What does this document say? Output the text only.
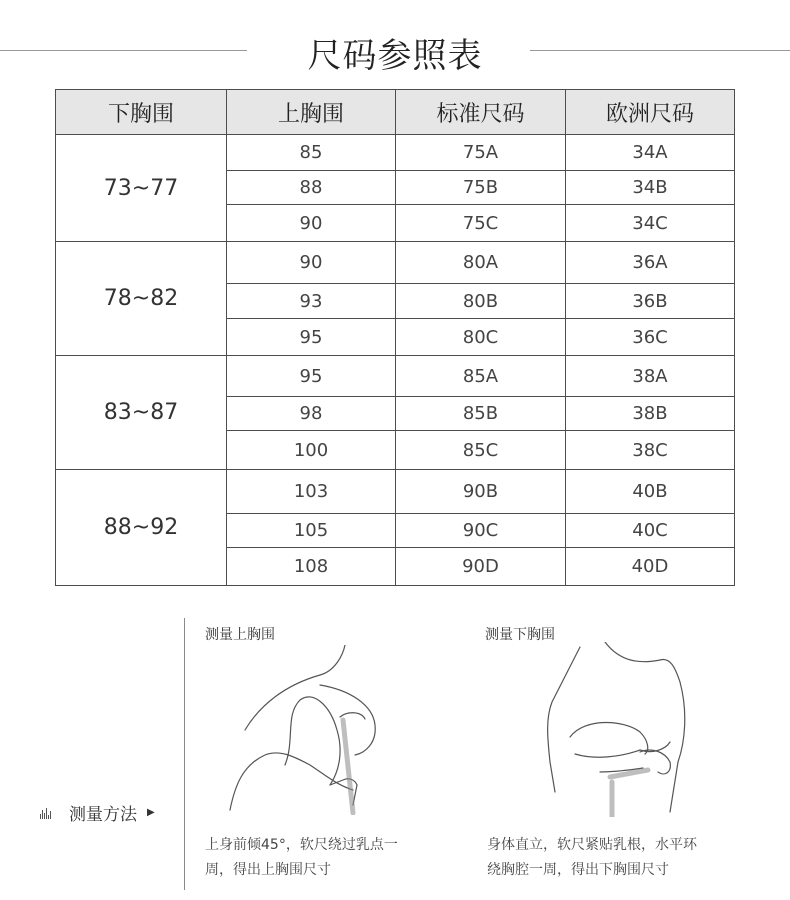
尺码参照表
下胸围	上胸围	标准尺码	欧洲尺码
73~77	85	75A	34A
	88	75B	34B
	90	75C	34C
78~82	90	80A	36A
	93	80B	36B
	95	80C	36C
83~87	95	85A	38A
	98	85B	38B
	100	85C	38C
88~92	103	90B	40B
	105	90C	40C
	108	90D	40D
测量方法 ▶
测量上胸围
上身前倾45°，软尺绕过乳点一
周，得出上胸围尺寸
测量下胸围
身体直立，软尺紧贴乳根，水平环
绕胸腔一周，得出下胸围尺寸
